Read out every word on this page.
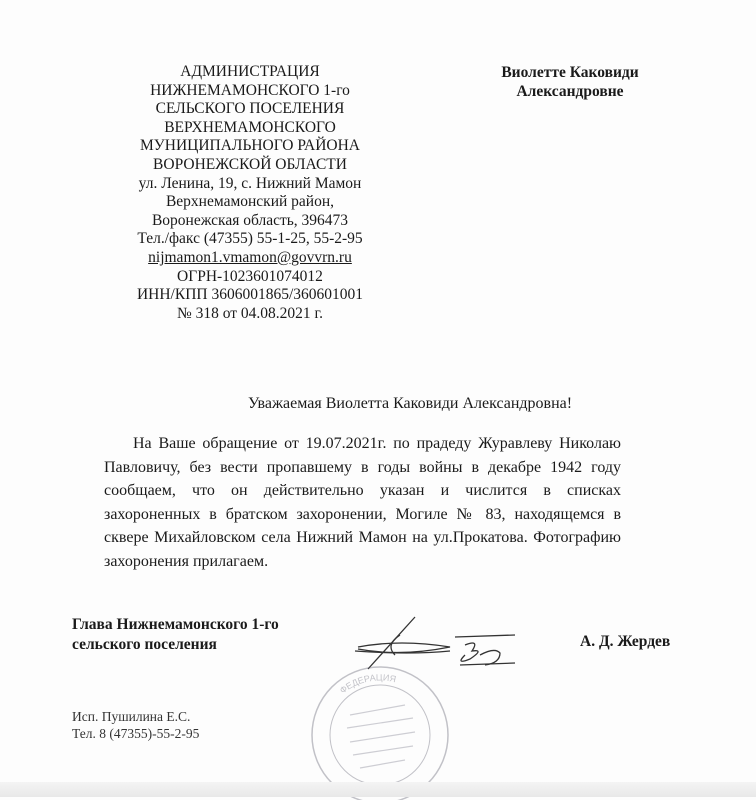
АДМИНИСТРАЦИЯ
НИЖНЕМАМОНСКОГО 1-го
СЕЛЬСКОГО ПОСЕЛЕНИЯ
ВЕРХНЕМАМОНСКОГО
МУНИЦИПАЛЬНОГО РАЙОНА
ВОРОНЕЖСКОЙ ОБЛАСТИ
ул. Ленина, 19, с. Нижний Мамон
Верхнемамонский район,
Воронежская область, 396473
Тел./факс (47355) 55-1-25, 55-2-95
nijmamon1.vmamon@govvrn.ru
ОГРН-1023601074012
ИНН/КПП 3606001865/360601001
№ 318 от 04.08.2021 г.
Виолетте Каковиди
Александровне
Уважаемая Виолетта Каковиди Александровна!
На Ваше обращение от 19.07.2021г. по прадеду Журавлеву Николаю Павловичу, без вести пропавшему в годы войны в декабре 1942 году сообщаем, что он действительно указан и числится в списках захороненных в братском захоронении, Могиле № 83, находящемся в сквере Михайловском села Нижний Мамон на ул.Прокатова. Фотографию захоронения прилагаем.
Глава Нижнемамонского 1-го
сельского поселения
ФЕДЕРАЦИЯ
А. Д. Жердев
Исп. Пушилина Е.С.
Тел. 8 (47355)-55-2-95
